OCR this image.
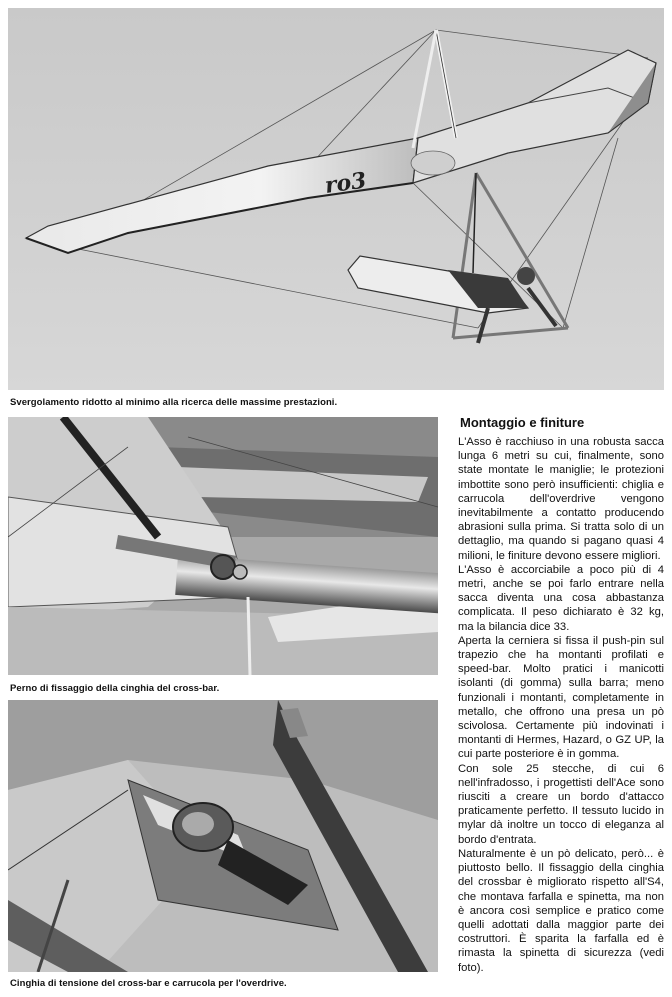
ro3
Svergolamento ridotto al minimo alla ricerca delle massime prestazioni.
Perno di fissaggio della cinghia del cross-bar.
Cinghia di tensione del cross-bar e carrucola per l'overdrive.
Montaggio e finiture

L'Asso è racchiuso in una robusta sacca lunga 6 metri su cui, finalmente, sono state montate le maniglie; le protezioni imbottite sono però insufficienti: chiglia e carrucola dell'overdrive vengono inevitabilmente a contatto producendo abrasioni sulla prima. Si tratta solo di un dettaglio, ma quando si pagano quasi 4 milioni, le finiture devono essere migliori.

L'Asso è accorciabile a poco più di 4 metri, anche se poi farlo entrare nella sacca diventa una cosa abbastanza complicata. Il peso dichiarato è 32 kg, ma la bilancia dice 33.

Aperta la cerniera si fissa il push-pin sul trapezio che ha montanti profilati e speed-bar. Molto pratici i manicotti isolanti (di gomma) sulla barra; meno funzionali i montanti, completamente in metallo, che offrono una presa un pò scivolosa. Certamente più indovinati i montanti di Hermes, Hazard, o GZ UP, la cui parte posteriore è in gomma.

Con sole 25 stecche, di cui 6 nell'infradosso, i progettisti dell'Ace sono riusciti a creare un bordo d'attacco praticamente perfetto. Il tessuto lucido in mylar dà inoltre un tocco di eleganza al bordo d'entrata.

Naturalmente è un pò delicato, però... è piuttosto bello. Il fissaggio della cinghia del crossbar è migliorato rispetto all'S4, che montava farfalla e spinetta, ma non è ancora così semplice e pratico come quelli adottati dalla maggior parte dei costruttori. È sparita la farfalla ed è rimasta la spinetta di sicurezza (vedi foto).
